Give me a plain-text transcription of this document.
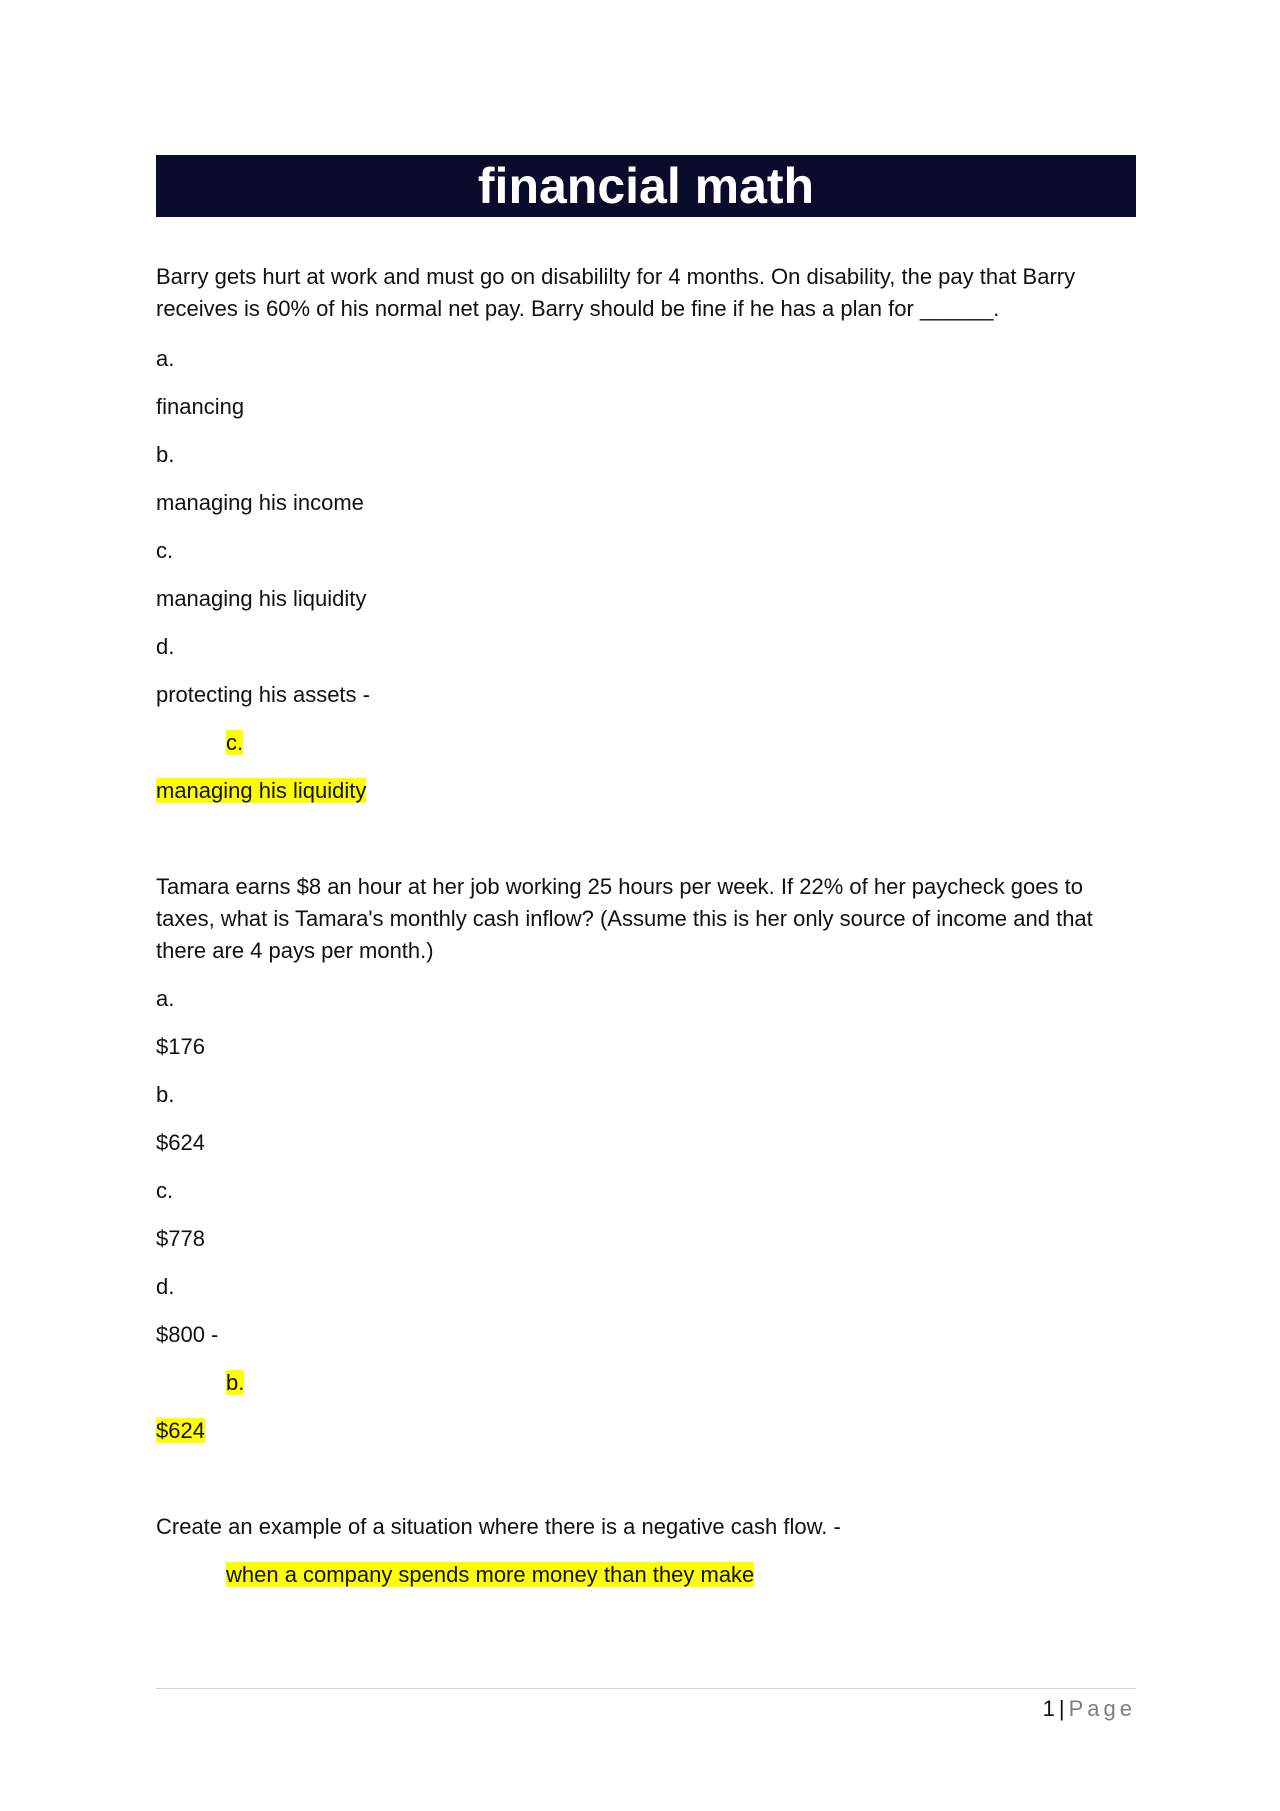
financial math

Barry gets hurt at work and must go on disabililty for 4 months. On disability, the pay that Barry receives is 60% of his normal net pay. Barry should be fine if he has a plan for ______.

a.

financing

b.

managing his income

c.

managing his liquidity

d.

protecting his assets -

c.

managing his liquidity

Tamara earns $8 an hour at her job working 25 hours per week. If 22% of her paycheck goes to taxes, what is Tamara's monthly cash inflow? (Assume this is her only source of income and that there are 4 pays per month.)

a.

$176

b.

$624

c.

$778

d.

$800 -

b.

$624

Create an example of a situation where there is a negative cash flow. -

when a company spends more money than they make

1 | Page
